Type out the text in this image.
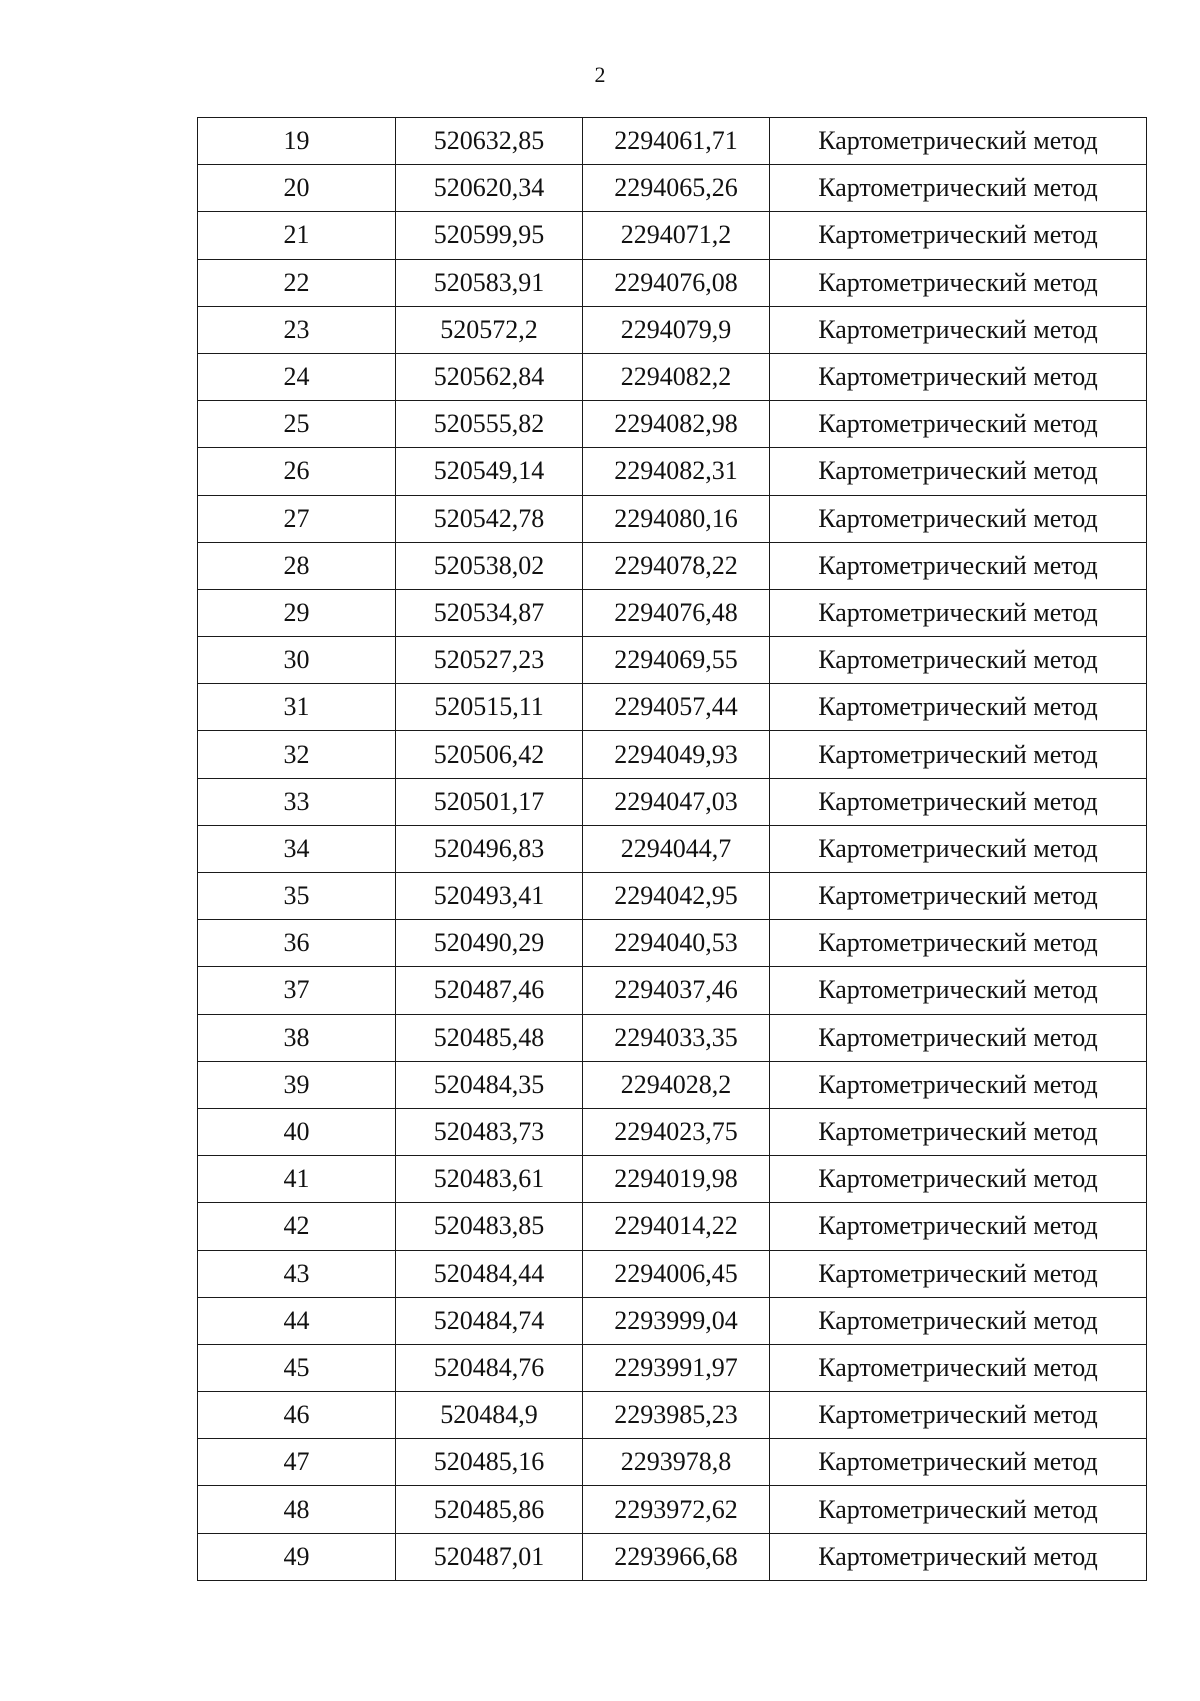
2
19	520632,85	2294061,71	Картометрический метод
20	520620,34	2294065,26	Картометрический метод
21	520599,95	2294071,2	Картометрический метод
22	520583,91	2294076,08	Картометрический метод
23	520572,2	2294079,9	Картометрический метод
24	520562,84	2294082,2	Картометрический метод
25	520555,82	2294082,98	Картометрический метод
26	520549,14	2294082,31	Картометрический метод
27	520542,78	2294080,16	Картометрический метод
28	520538,02	2294078,22	Картометрический метод
29	520534,87	2294076,48	Картометрический метод
30	520527,23	2294069,55	Картометрический метод
31	520515,11	2294057,44	Картометрический метод
32	520506,42	2294049,93	Картометрический метод
33	520501,17	2294047,03	Картометрический метод
34	520496,83	2294044,7	Картометрический метод
35	520493,41	2294042,95	Картометрический метод
36	520490,29	2294040,53	Картометрический метод
37	520487,46	2294037,46	Картометрический метод
38	520485,48	2294033,35	Картометрический метод
39	520484,35	2294028,2	Картометрический метод
40	520483,73	2294023,75	Картометрический метод
41	520483,61	2294019,98	Картометрический метод
42	520483,85	2294014,22	Картометрический метод
43	520484,44	2294006,45	Картометрический метод
44	520484,74	2293999,04	Картометрический метод
45	520484,76	2293991,97	Картометрический метод
46	520484,9	2293985,23	Картометрический метод
47	520485,16	2293978,8	Картометрический метод
48	520485,86	2293972,62	Картометрический метод
49	520487,01	2293966,68	Картометрический метод
